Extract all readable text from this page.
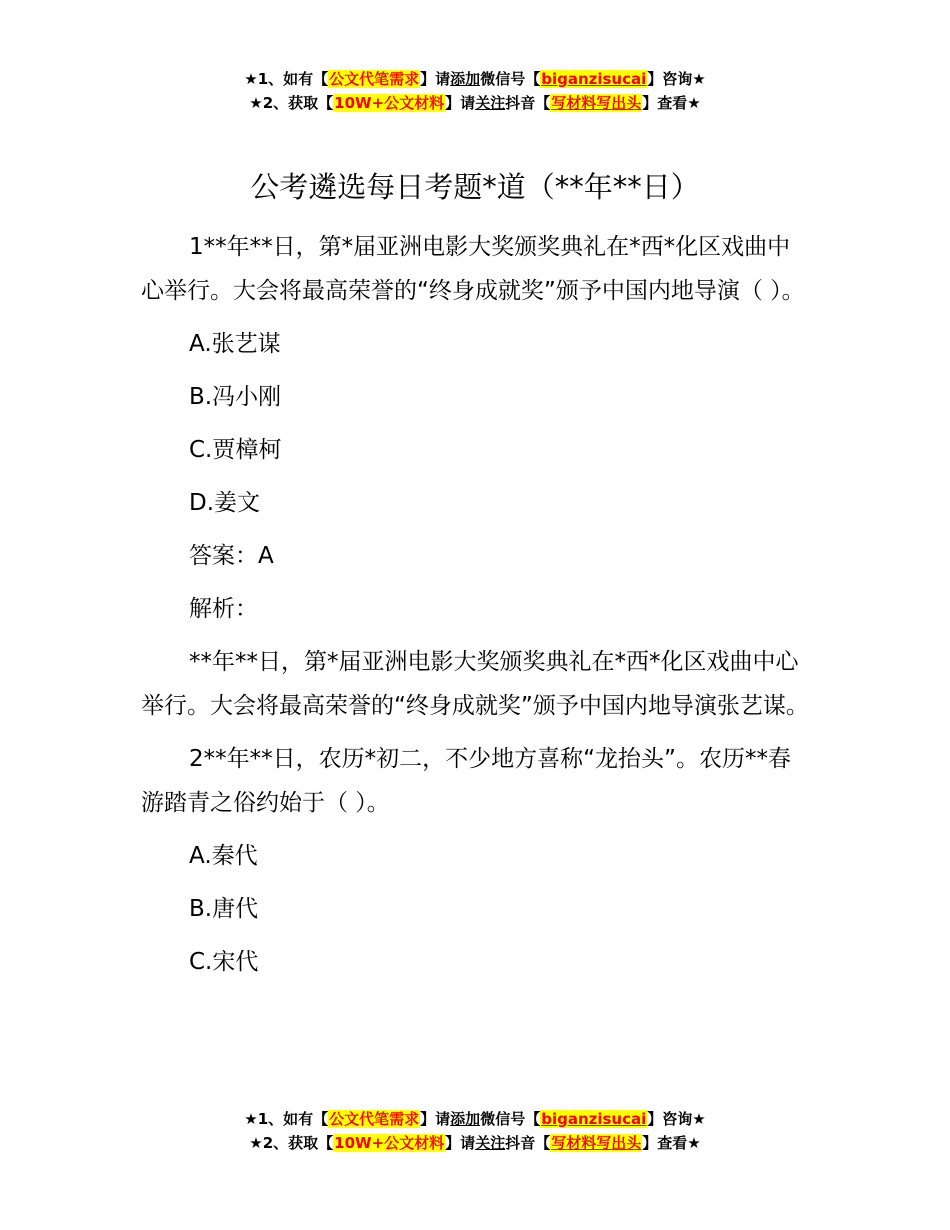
★1、如有【公文代笔需求】请添加微信号【biganzisucai】咨询★
★2、获取【10W+公文材料】请关注抖音【写材料写出头】查看★
公考遴选每日考题*道（**年**日）

1**年**日，第*届亚洲电影大奖颁奖典礼在*西*化区戏曲中心举行。大会将最高荣誉的“终身成就奖”颁予中国内地导演（ ）。

A.张艺谋

B.冯小刚

C.贾樟柯

D.姜文

答案：A

解析：

**年**日，第*届亚洲电影大奖颁奖典礼在*西*化区戏曲中心举行。大会将最高荣誉的“终身成就奖”颁予中国内地导演张艺谋。

2**年**日，农历*初二，不少地方喜称“龙抬头”。农历**春游踏青之俗约始于（ ）。

A.秦代

B.唐代

C.宋代

★1、如有【公文代笔需求】请添加微信号【biganzisucai】咨询★
★2、获取【10W+公文材料】请关注抖音【写材料写出头】查看★
